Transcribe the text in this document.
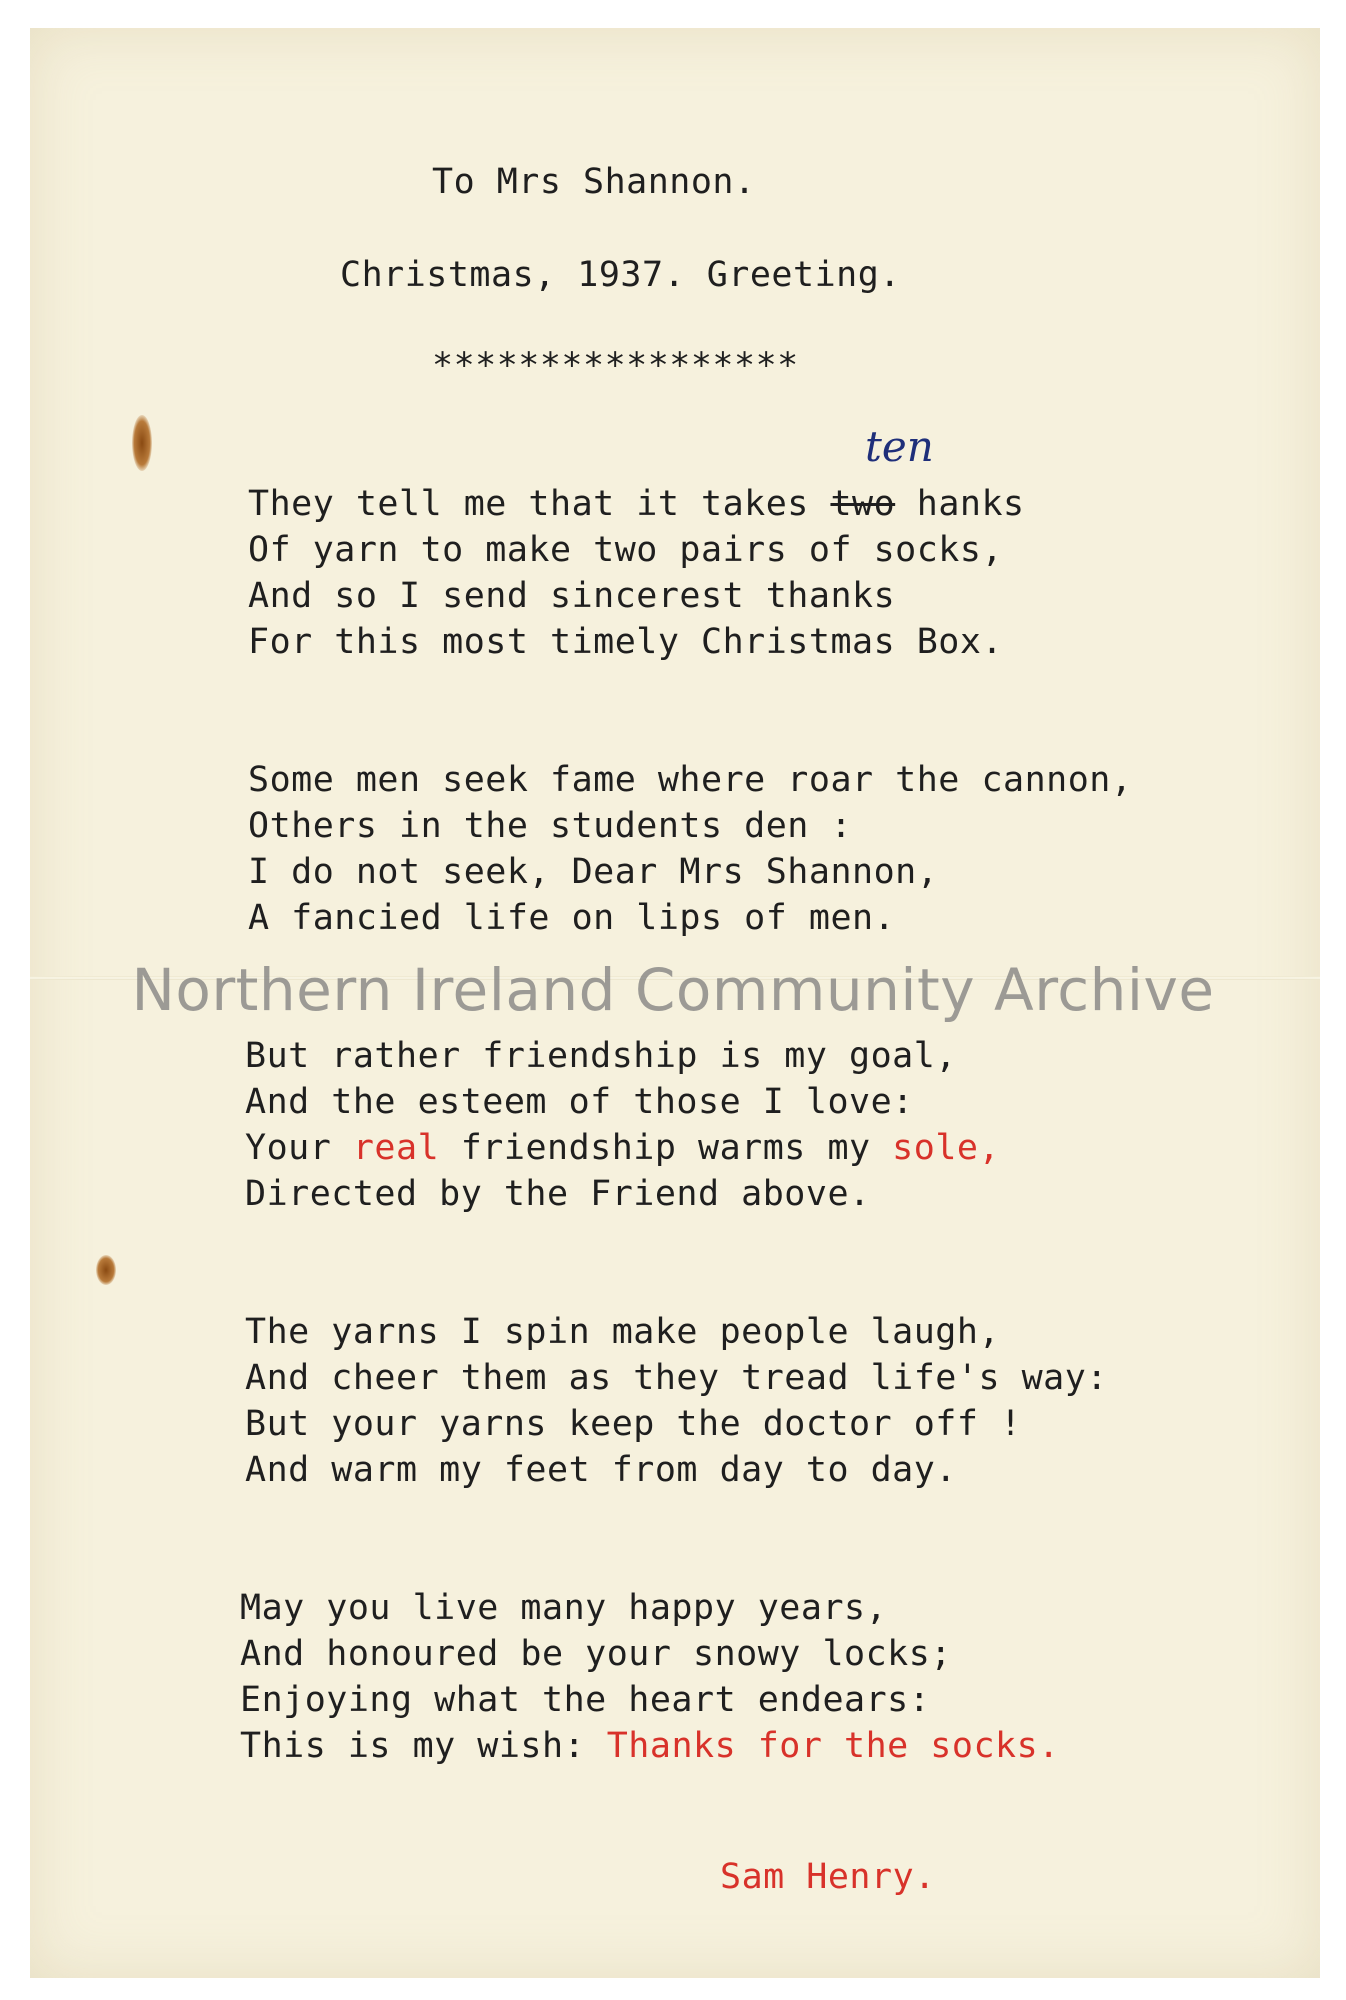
To Mrs Shannon.
Christmas, 1937. Greeting.
*****************
ten
They tell me that it takes two hanks
Of yarn to make two pairs of socks,
And so I send sincerest thanks
For this most timely Christmas Box.
Some men seek fame where roar the cannon,
Others in the students den :
I do not seek, Dear Mrs Shannon,
A fancied life on lips of men.
But rather friendship is my goal,
And the esteem of those I love:
Your real friendship warms my sole,
Directed by the Friend above.
The yarns I spin make people laugh,
And cheer them as they tread life's way:
But your yarns keep the doctor off !
And warm my feet from day to day.
May you live many happy years,
And honoured be your snowy locks;
Enjoying what the heart endears:
This is my wish: Thanks for the socks.
Sam Henry.
Northern Ireland Community Archive
